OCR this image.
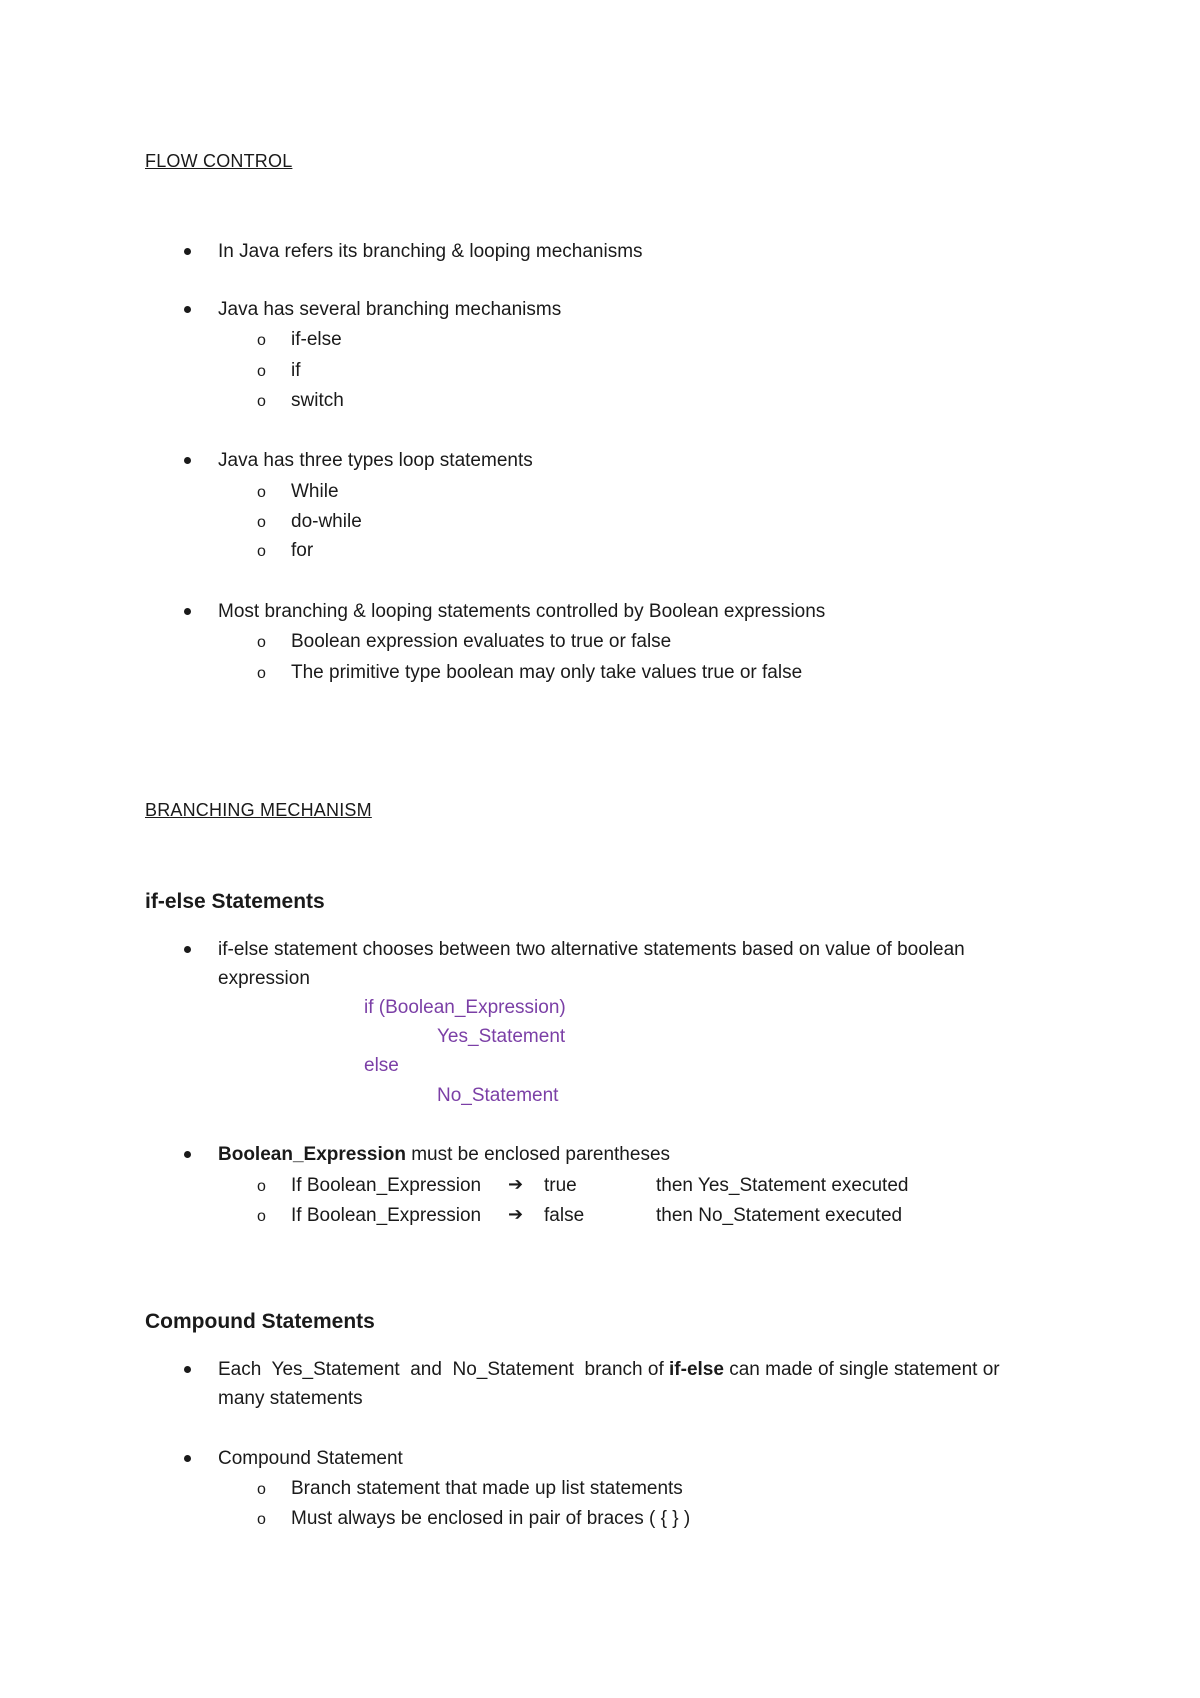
FLOW CONTROL
In Java refers its branching & looping mechanisms
Java has several branching mechanisms
o if-else
o if
o switch
Java has three types loop statements
o While
o do-while
o for
Most branching & looping statements controlled by Boolean expressions
o Boolean expression evaluates to true or false
o The primitive type boolean may only take values true or false
BRANCHING MECHANISM
if-else Statements
if-else statement chooses between two alternative statements based on value of boolean
expression
if (Boolean_Expression)
Yes_Statement
else
No_Statement
Boolean_Expression must be enclosed parentheses
o If Boolean_Expression ➔ true	then Yes_Statement executed
o If Boolean_Expression ➔ false	then No_Statement executed
Compound Statements
Each  Yes_Statement  and  No_Statement  branch of if-else can made of single statement or
many statements
Compound Statement
o Branch statement that made up list statements
o Must always be enclosed in pair of braces ( { } )
